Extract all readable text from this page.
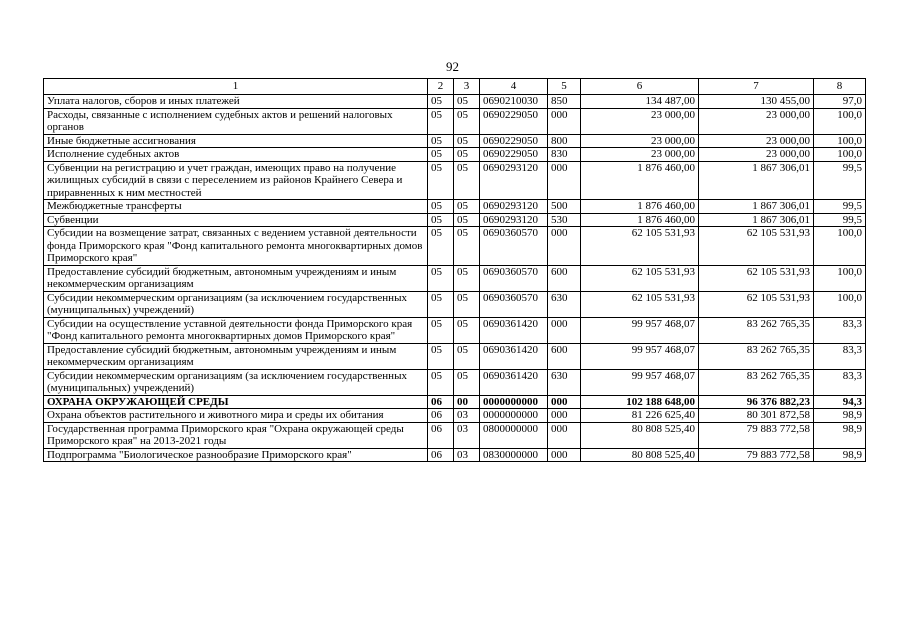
92
1	2	3	4	5	6	7	8
Уплата налогов, сборов и иных платежей	05	05	0690210030	850	134 487,00	130 455,00	97,0
Расходы, связанные с исполнением судебных актов и решений налоговых органов	05	05	0690229050	000	23 000,00	23 000,00	100,0
Иные бюджетные ассигнования	05	05	0690229050	800	23 000,00	23 000,00	100,0
Исполнение судебных актов	05	05	0690229050	830	23 000,00	23 000,00	100,0
Субвенции на регистрацию и учет граждан, имеющих право на получение жилищных субсидий в связи с переселением из районов Крайнего Севера и приравненных к ним местностей	05	05	0690293120	000	1 876 460,00	1 867 306,01	99,5
Межбюджетные трансферты	05	05	0690293120	500	1 876 460,00	1 867 306,01	99,5
Субвенции	05	05	0690293120	530	1 876 460,00	1 867 306,01	99,5
Субсидии на возмещение затрат, связанных с ведением уставной деятельности фонда Приморского края "Фонд капитального ремонта многоквартирных домов Приморского края"	05	05	0690360570	000	62 105 531,93	62 105 531,93	100,0
Предоставление субсидий бюджетным, автономным учреждениям и иным некоммерческим организациям	05	05	0690360570	600	62 105 531,93	62 105 531,93	100,0
Субсидии некоммерческим организациям (за исключением государственных (муниципальных) учреждений)	05	05	0690360570	630	62 105 531,93	62 105 531,93	100,0
Субсидии на осуществление уставной деятельности фонда Приморского края "Фонд капитального ремонта многоквартирных домов Приморского края"	05	05	0690361420	000	99 957 468,07	83 262 765,35	83,3
Предоставление субсидий бюджетным, автономным учреждениям и иным некоммерческим организациям	05	05	0690361420	600	99 957 468,07	83 262 765,35	83,3
Субсидии некоммерческим организациям (за исключением государственных (муниципальных) учреждений)	05	05	0690361420	630	99 957 468,07	83 262 765,35	83,3
ОХРАНА ОКРУЖАЮЩЕЙ СРЕДЫ	06	00	0000000000	000	102 188 648,00	96 376 882,23	94,3
Охрана объектов растительного и животного мира и среды их обитания	06	03	0000000000	000	81 226 625,40	80 301 872,58	98,9
Государственная программа Приморского края "Охрана окружающей среды Приморского края" на 2013-2021 годы	06	03	0800000000	000	80 808 525,40	79 883 772,58	98,9
Подпрограмма "Биологическое разнообразие Приморского края"	06	03	0830000000	000	80 808 525,40	79 883 772,58	98,9
